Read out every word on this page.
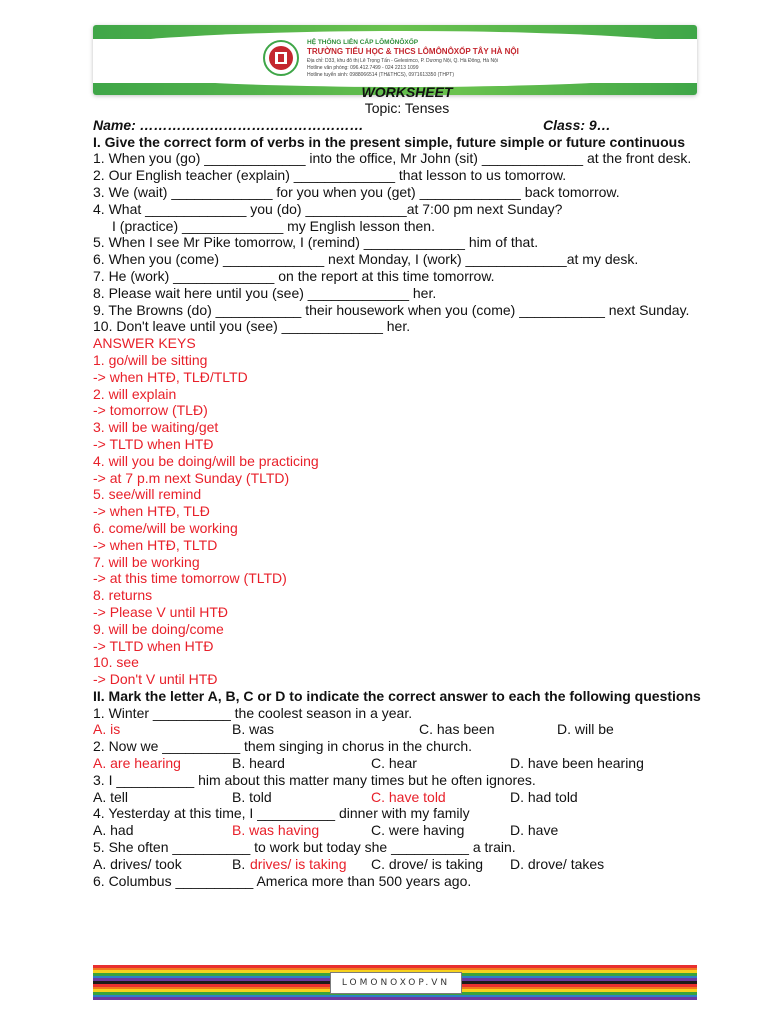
HỆ THỐNG LIÊN CẤP LÔMÔNÔXỐP
TRƯỜNG TIỂU HỌC & THCS LÔMÔNÔXỐP TÂY HÀ NỘI
Địa chỉ: D33, khu đô thị Lê Trọng Tấn - Geleximco, P. Dương Nội, Q. Hà Đông, Hà Nội
Hotline văn phòng: 096.412.7499 - 024 2213 1099
Hotline tuyển sinh: 0988066514 (TH&THCS), 0971613350 (THPT)
WORKSHEET
Topic: Tenses
Name: …………………………………………	Class: 9…
I. Give the correct form of verbs in the present simple, future simple or future continuous
1. When you (go) _____________ into the office, Mr John (sit) _____________ at the front desk.
2. Our English teacher (explain) _____________ that lesson to us tomorrow.
3. We (wait) _____________ for you when you (get) _____________ back tomorrow.
4. What _____________ you (do) _____________at 7:00 pm next Sunday?
I (practice) _____________ my English lesson then.
5. When I see Mr Pike tomorrow, I (remind) _____________ him of that.
6. When you (come) _____________ next Monday, I (work) _____________at my desk.
7. He (work) _____________ on the report at this time tomorrow.
8. Please wait here until you (see) _____________ her.
9. The Browns (do) ___________ their housework when you (come) ___________ next Sunday.
10. Don't leave until you (see) _____________ her.
ANSWER KEYS
1. go/will be sitting
-> when HTĐ, TLĐ/TLTD
2. will explain
-> tomorrow (TLĐ)
3. will be waiting/get
-> TLTD when HTĐ
4. will you be doing/will be practicing
-> at 7 p.m next Sunday (TLTD)
5. see/will remind
-> when HTĐ, TLĐ
6. come/will be working
-> when HTĐ, TLTD
7. will be working
-> at this time tomorrow (TLTD)
8. returns
-> Please V until HTĐ
9. will be doing/come
-> TLTD when HTĐ
10. see
-> Don't V until HTĐ
II. Mark the letter A, B, C or D to indicate the correct answer to each the following questions
1. Winter __________ the coolest season in a year.
A. is	B. was	C. has been	D. will be
2. Now we __________ them singing in chorus in the church.
A. are hearing	B. heard	C. hear	D. have been hearing
3. I __________ him about this matter many times but he often ignores.
A. tell	B. told	C. have told	D. had told
4. Yesterday at this time, I __________ dinner with my family
A. had	B. was having	C. were having	D. have
5. She often __________ to work but today she __________ a train.
A. drives/ took	B. drives/ is taking C. drove/ is taking D. drove/ takes
6. Columbus __________ America more than 500 years ago.
LOMONOXOP.VN
